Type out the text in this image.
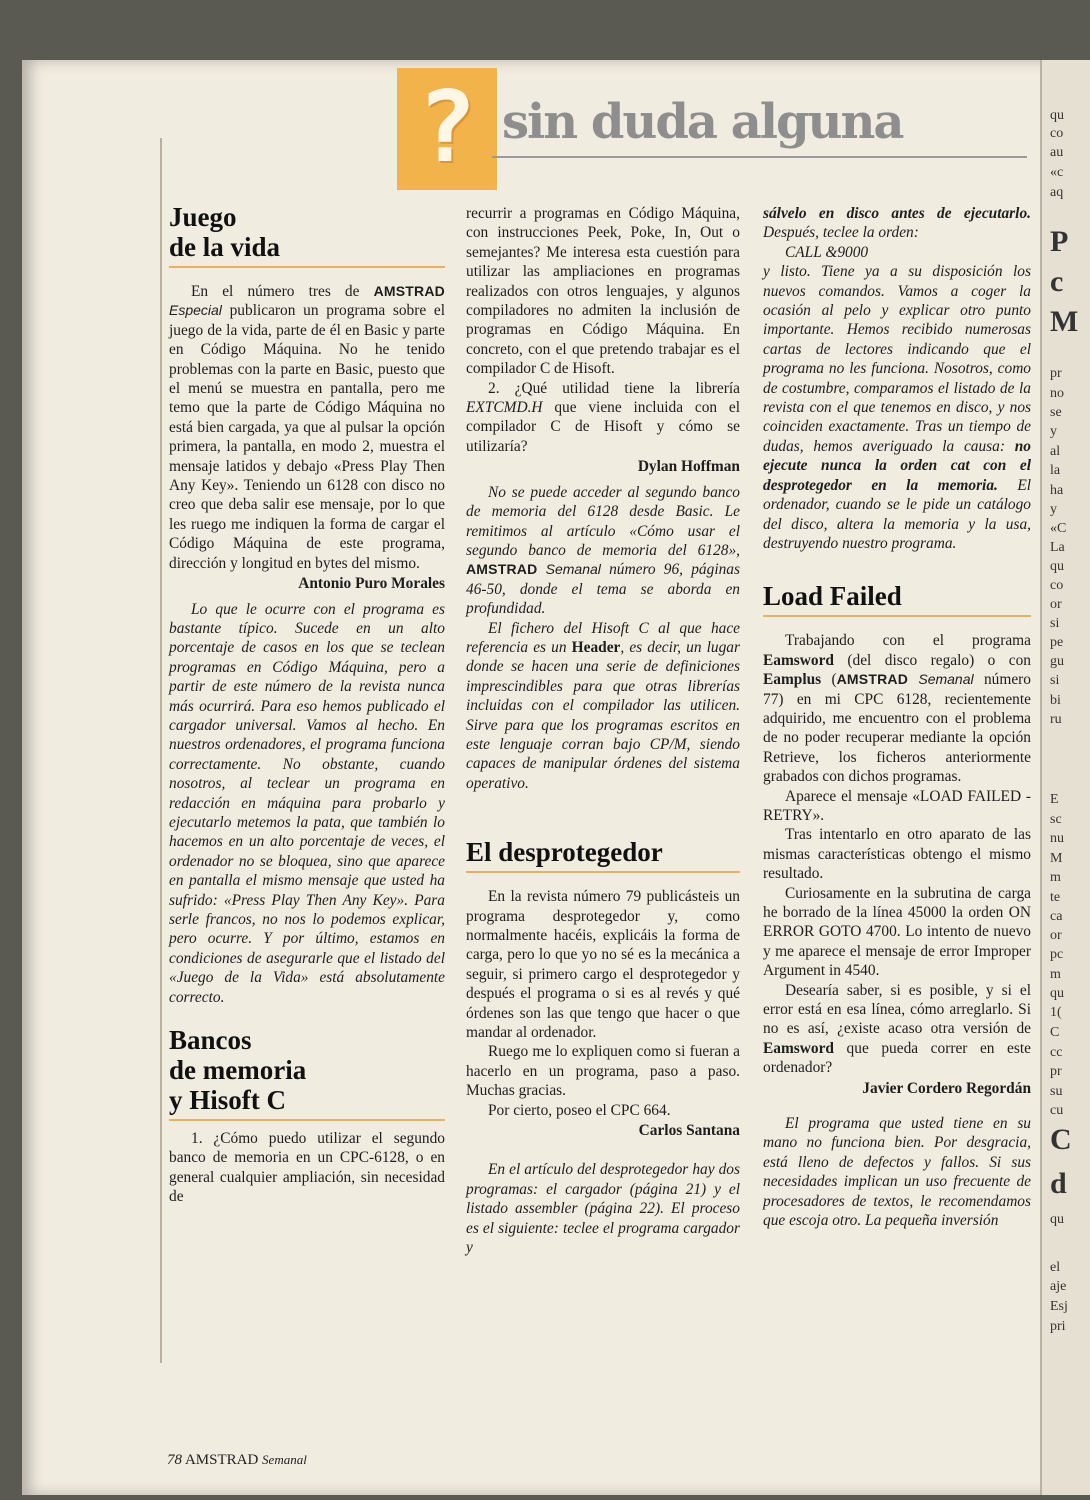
qu
co
au
«c
aq
P
c
M
pr
no
se
y
al
la
ha
y
«C
La
qu
co
or
si
pe
gu
si
bi
ru
E
sc
nu
M
m
te
ca
or
pc
m
qu
1(
C
cc
pr
su
cu
C
d
qu
el
aje
Esj
pri
? sin duda alguna
Juego
de la vida

En el número tres de AMSTRAD Especial publicaron un programa sobre el juego de la vida, parte de él en Basic y parte en Código Máquina. No he tenido problemas con la parte en Basic, puesto que el menú se muestra en pantalla, pero me temo que la parte de Código Máquina no está bien cargada, ya que al pulsar la opción primera, la pantalla, en modo 2, muestra el mensaje latidos y debajo «Press Play Then Any Key». Teniendo un 6128 con disco no creo que deba salir ese mensaje, por lo que les ruego me indiquen la forma de cargar el Código Máquina de este programa, dirección y longitud en bytes del mismo.

Antonio Puro Morales

Lo que le ocurre con el programa es bastante típico. Sucede en un alto porcentaje de casos en los que se teclean programas en Código Máquina, pero a partir de este número de la revista nunca más ocurrirá. Para eso hemos publicado el cargador universal. Vamos al hecho. En nuestros ordenadores, el programa funciona correctamente. No obstante, cuando nosotros, al teclear un programa en redacción en máquina para probarlo y ejecutarlo metemos la pata, que también lo hacemos en un alto porcentaje de veces, el ordenador no se bloquea, sino que aparece en pantalla el mismo mensaje que usted ha sufrido: «Press Play Then Any Key». Para serle francos, no nos lo podemos explicar, pero ocurre. Y por último, estamos en condiciones de asegurarle que el listado del «Juego de la Vida» está absolutamente correcto.

Bancos
de memoria
y Hisoft C

1. ¿Cómo puedo utilizar el segundo banco de memoria en un CPC-6128, o en general cualquier ampliación, sin necesidad de

recurrir a programas en Código Máquina, con instrucciones Peek, Poke, In, Out o semejantes? Me interesa esta cuestión para utilizar las ampliaciones en programas realizados con otros lenguajes, y algunos compiladores no admiten la inclusión de programas en Código Máquina. En concreto, con el que pretendo trabajar es el compilador C de Hisoft.

2. ¿Qué utilidad tiene la librería EXTCMD.H que viene incluida con el compilador C de Hisoft y cómo se utilizaría?

Dylan Hoffman

No se puede acceder al segundo banco de memoria del 6128 desde Basic. Le remitimos al artículo «Cómo usar el segundo banco de memoria del 6128», AMSTRAD Semanal número 96, páginas 46-50, donde el tema se aborda en profundidad.

El fichero del Hisoft C al que hace referencia es un Header, es decir, un lugar donde se hacen una serie de definiciones imprescindibles para que otras librerías incluidas con el compilador las utilicen. Sirve para que los programas escritos en este lenguaje corran bajo CP/M, siendo capaces de manipular órdenes del sistema operativo.

El desprotegedor

En la revista número 79 publicásteis un programa desprotegedor y, como normalmente hacéis, explicáis la forma de carga, pero lo que yo no sé es la mecánica a seguir, si primero cargo el desprotegedor y después el programa o si es al revés y qué órdenes son las que tengo que hacer o que mandar al ordenador.

Ruego me lo expliquen como si fueran a hacerlo en un programa, paso a paso. Muchas gracias.

Por cierto, poseo el CPC 664.

Carlos Santana

En el artículo del desprotegedor hay dos programas: el cargador (página 21) y el listado assembler (página 22). El proceso es el siguiente: teclee el programa cargador y

sálvelo en disco antes de ejecutarlo. Después, teclee la orden:

CALL &9000

y listo. Tiene ya a su disposición los nuevos comandos. Vamos a coger la ocasión al pelo y explicar otro punto importante. Hemos recibido numerosas cartas de lectores indicando que el programa no les funciona. Nosotros, como de costumbre, comparamos el listado de la revista con el que tenemos en disco, y nos coinciden exactamente. Tras un tiempo de dudas, hemos averiguado la causa: no ejecute nunca la orden cat con el desprotegedor en la memoria. El ordenador, cuando se le pide un catálogo del disco, altera la memoria y la usa, destruyendo nuestro programa.

Load Failed

Trabajando con el programa Eamsword (del disco regalo) o con Eamplus (AMSTRAD Semanal número 77) en mi CPC 6128, recientemente adquirido, me encuentro con el problema de no poder recuperar mediante la opción Retrieve, los ficheros anteriormente grabados con dichos programas.

Aparece el mensaje «LOAD FAILED - RETRY».

Tras intentarlo en otro aparato de las mismas características obtengo el mismo resultado.

Curiosamente en la subrutina de carga he borrado de la línea 45000 la orden ON ERROR GOTO 4700. Lo intento de nuevo y me aparece el mensaje de error Improper Argument in 4540.

Desearía saber, si es posible, y si el error está en esa línea, cómo arreglarlo. Si no es así, ¿existe acaso otra versión de Eamsword que pueda correr en este ordenador?

Javier Cordero Regordán

El programa que usted tiene en su mano no funciona bien. Por desgracia, está lleno de defectos y fallos. Si sus necesidades implican un uso frecuente de procesadores de textos, le recomendamos que escoja otro. La pequeña inversión

78 AMSTRAD Semanal
